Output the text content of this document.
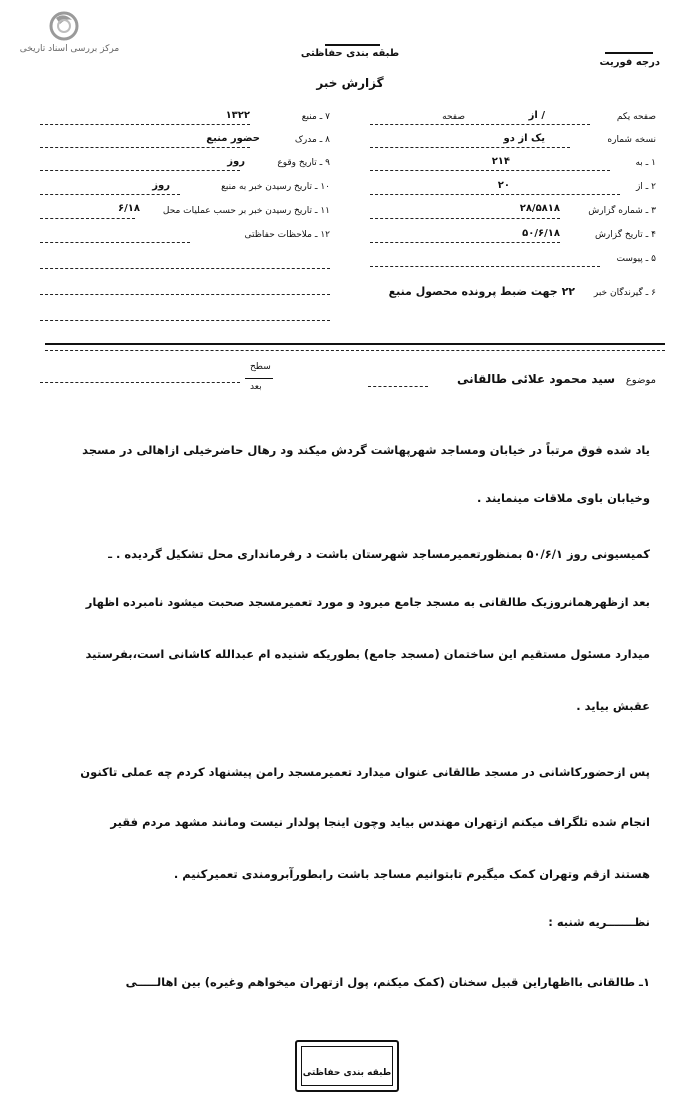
مرکز بررسی اسناد تاریخی	طبقه بندی حفاظتی
گزارش خبر
درجه فوریت
صفحه یکم
/ از
صفحه
نسخه شماره
یک از دو
۱ ـ به
۲۱۴
۲ ـ از
۲۰
۳ ـ شماره گزارش
۲۸/۵۸۱۸
۴ ـ تاریخ گزارش
۵۰/۶/۱۸
۵ ـ پیوست
۶ ـ گیرندگان خبر
۲۲ جهت ضبط پرونده محصول منبع
۷ ـ منبع
۱۳۲۲
۸ ـ مدرک
حضور منبع
۹ ـ تاریخ وقوع
روز
۱۰ ـ تاریخ رسیدن خبر به منبع
روز
۱۱ ـ تاریخ رسیدن خبر بر حسب عملیات محل
۶/۱۸
۱۲ ـ ملاحظات حفاظتی
موضوع
سید محمود علائی طالقانی
سطح
بعد
یاد شده فوق مرتباً در خیابان ومساجد شهرپهاشت گردش میکند ود رهال حاضرخیلی ازاهالی در مسجد
وخیابان باوی ملاقات مینمایند .
کمیسیونی روز ۵۰/۶/۱ بمنظورتعمیرمساجد شهرستان باشت د رفرمانداری محل تشکیل گردیده . ـ
بعد ازظهرهمانروزیک طالقانی به مسجد جامع میرود و مورد تعمیرمسجد صحبت میشود نامبرده اظهار
میدارد مسئول مستقیم این ساختمان (مسجد جامع) بطوریکه شنیده ام عبدالله کاشانی است،بفرستید
عقبش بیاید .
پس ازحضورکاشانی در مسجد طالقانی عنوان میدارد تعمیرمسجد رامن پیشنهاد کردم چه عملی تاکنون
انجام شده تلگراف میکنم ازتهران مهندس بیاید وچون اینجا پولدار نیست ومانند مشهد مردم فقیر
هستند ازقم وتهران کمک میگیرم تابتوانیم مساجد باشت رابطورآبرومندی تعمیرکنیم .
نظـــــــریه شنبه :
۱ـ طالقانی بااظهاراین قبیل سخنان (کمک میکنم، پول ازتهران میخواهم وغیره) بین اهالـــــی
طبقه بندی حفاظتی
